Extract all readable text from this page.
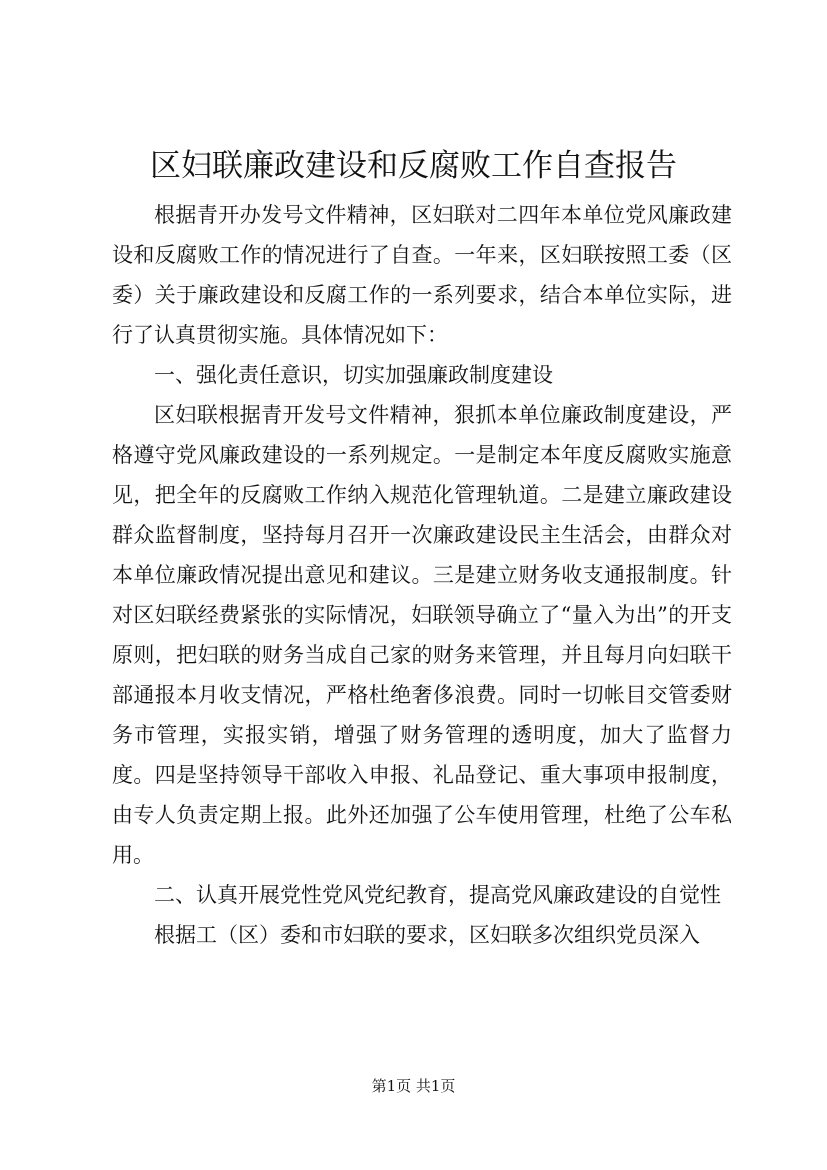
区妇联廉政建设和反腐败工作自查报告

根据青开办发号文件精神，区妇联对二四年本单位党风廉政建设和反腐败工作的情况进行了自查。一年来，区妇联按照工委（区委）关于廉政建设和反腐工作的一系列要求，结合本单位实际，进行了认真贯彻实施。具体情况如下：

一、强化责任意识，切实加强廉政制度建设

区妇联根据青开发号文件精神，狠抓本单位廉政制度建设，严格遵守党风廉政建设的一系列规定。一是制定本年度反腐败实施意见，把全年的反腐败工作纳入规范化管理轨道。二是建立廉政建设群众监督制度，坚持每月召开一次廉政建设民主生活会，由群众对本单位廉政情况提出意见和建议。三是建立财务收支通报制度。针对区妇联经费紧张的实际情况，妇联领导确立了“量入为出”的开支原则，把妇联的财务当成自己家的财务来管理，并且每月向妇联干部通报本月收支情况，严格杜绝奢侈浪费。同时一切帐目交管委财务市管理，实报实销，增强了财务管理的透明度，加大了监督力度。四是坚持领导干部收入申报、礼品登记、重大事项申报制度，由专人负责定期上报。此外还加强了公车使用管理，杜绝了公车私用。

二、认真开展党性党风党纪教育，提高党风廉政建设的自觉性

根据工（区）委和市妇联的要求，区妇联多次组织党员深入

第1页 共1页
